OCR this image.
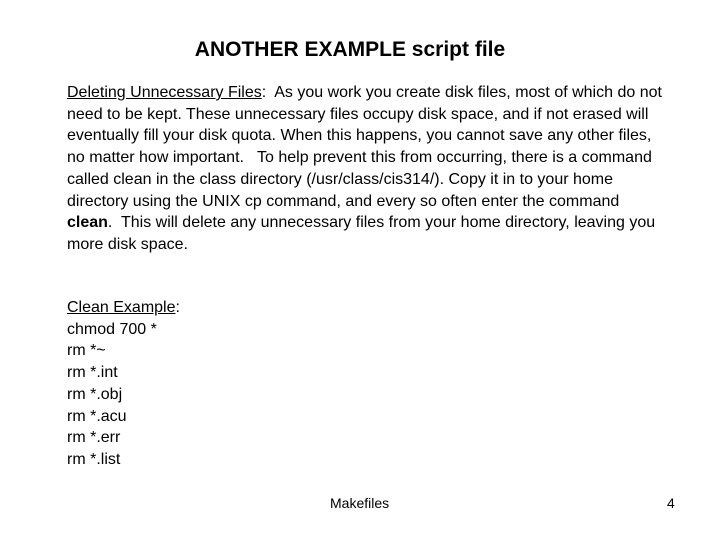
ANOTHER EXAMPLE script file

Deleting Unnecessary Files:  As you work you create disk files, most of which do not need to be kept. These unnecessary files occupy disk space, and if not erased will eventually fill your disk quota. When this happens, you cannot save any other files, no matter how important.   To help prevent this from occurring, there is a command called clean in the class directory (/usr/class/cis314/). Copy it in to your home directory using the UNIX cp command, and every so often enter the command clean.  This will delete any unnecessary files from your home directory, leaving you more disk space.

Clean Example:
chmod 700 *
rm *~
rm *.int
rm *.obj
rm *.acu
rm *.err
rm *.list
Makefiles	4
